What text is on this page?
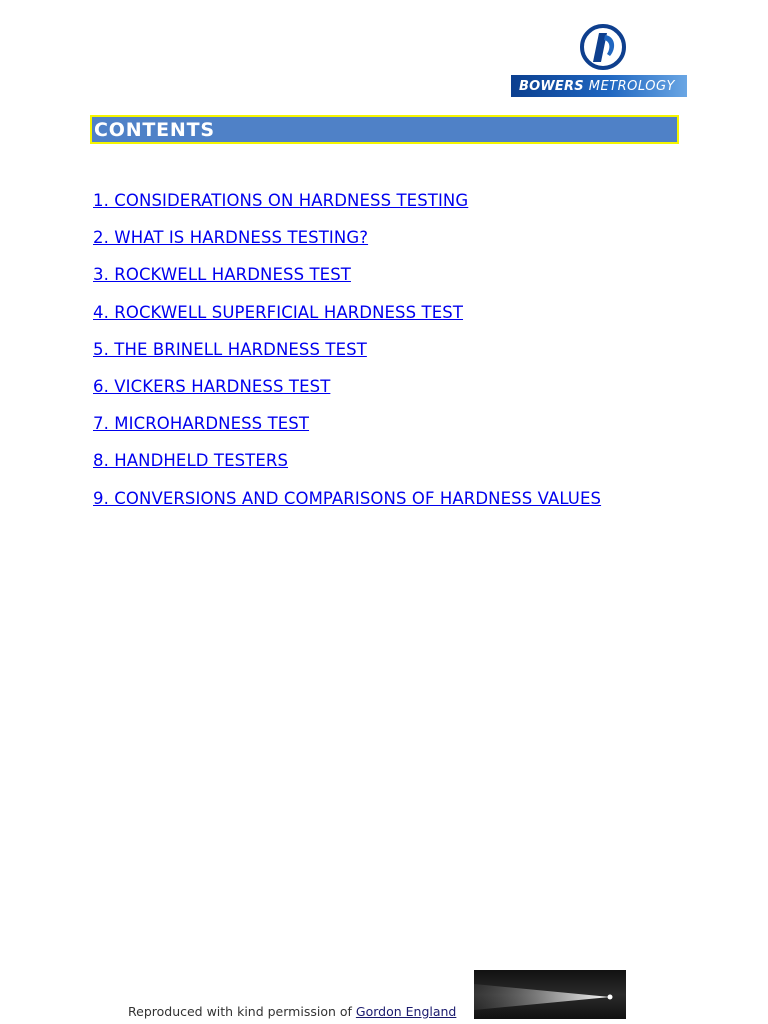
BOWERS METROLOGY
CONTENTS
1. CONSIDERATIONS ON HARDNESS TESTING
2. WHAT IS HARDNESS TESTING?
3. ROCKWELL HARDNESS TEST
4. ROCKWELL SUPERFICIAL HARDNESS TEST
5. THE BRINELL HARDNESS TEST
6. VICKERS HARDNESS TEST
7. MICROHARDNESS TEST
8. HANDHELD TESTERS
9. CONVERSIONS AND COMPARISONS OF HARDNESS VALUES
Reproduced with kind permission of Gordon England
